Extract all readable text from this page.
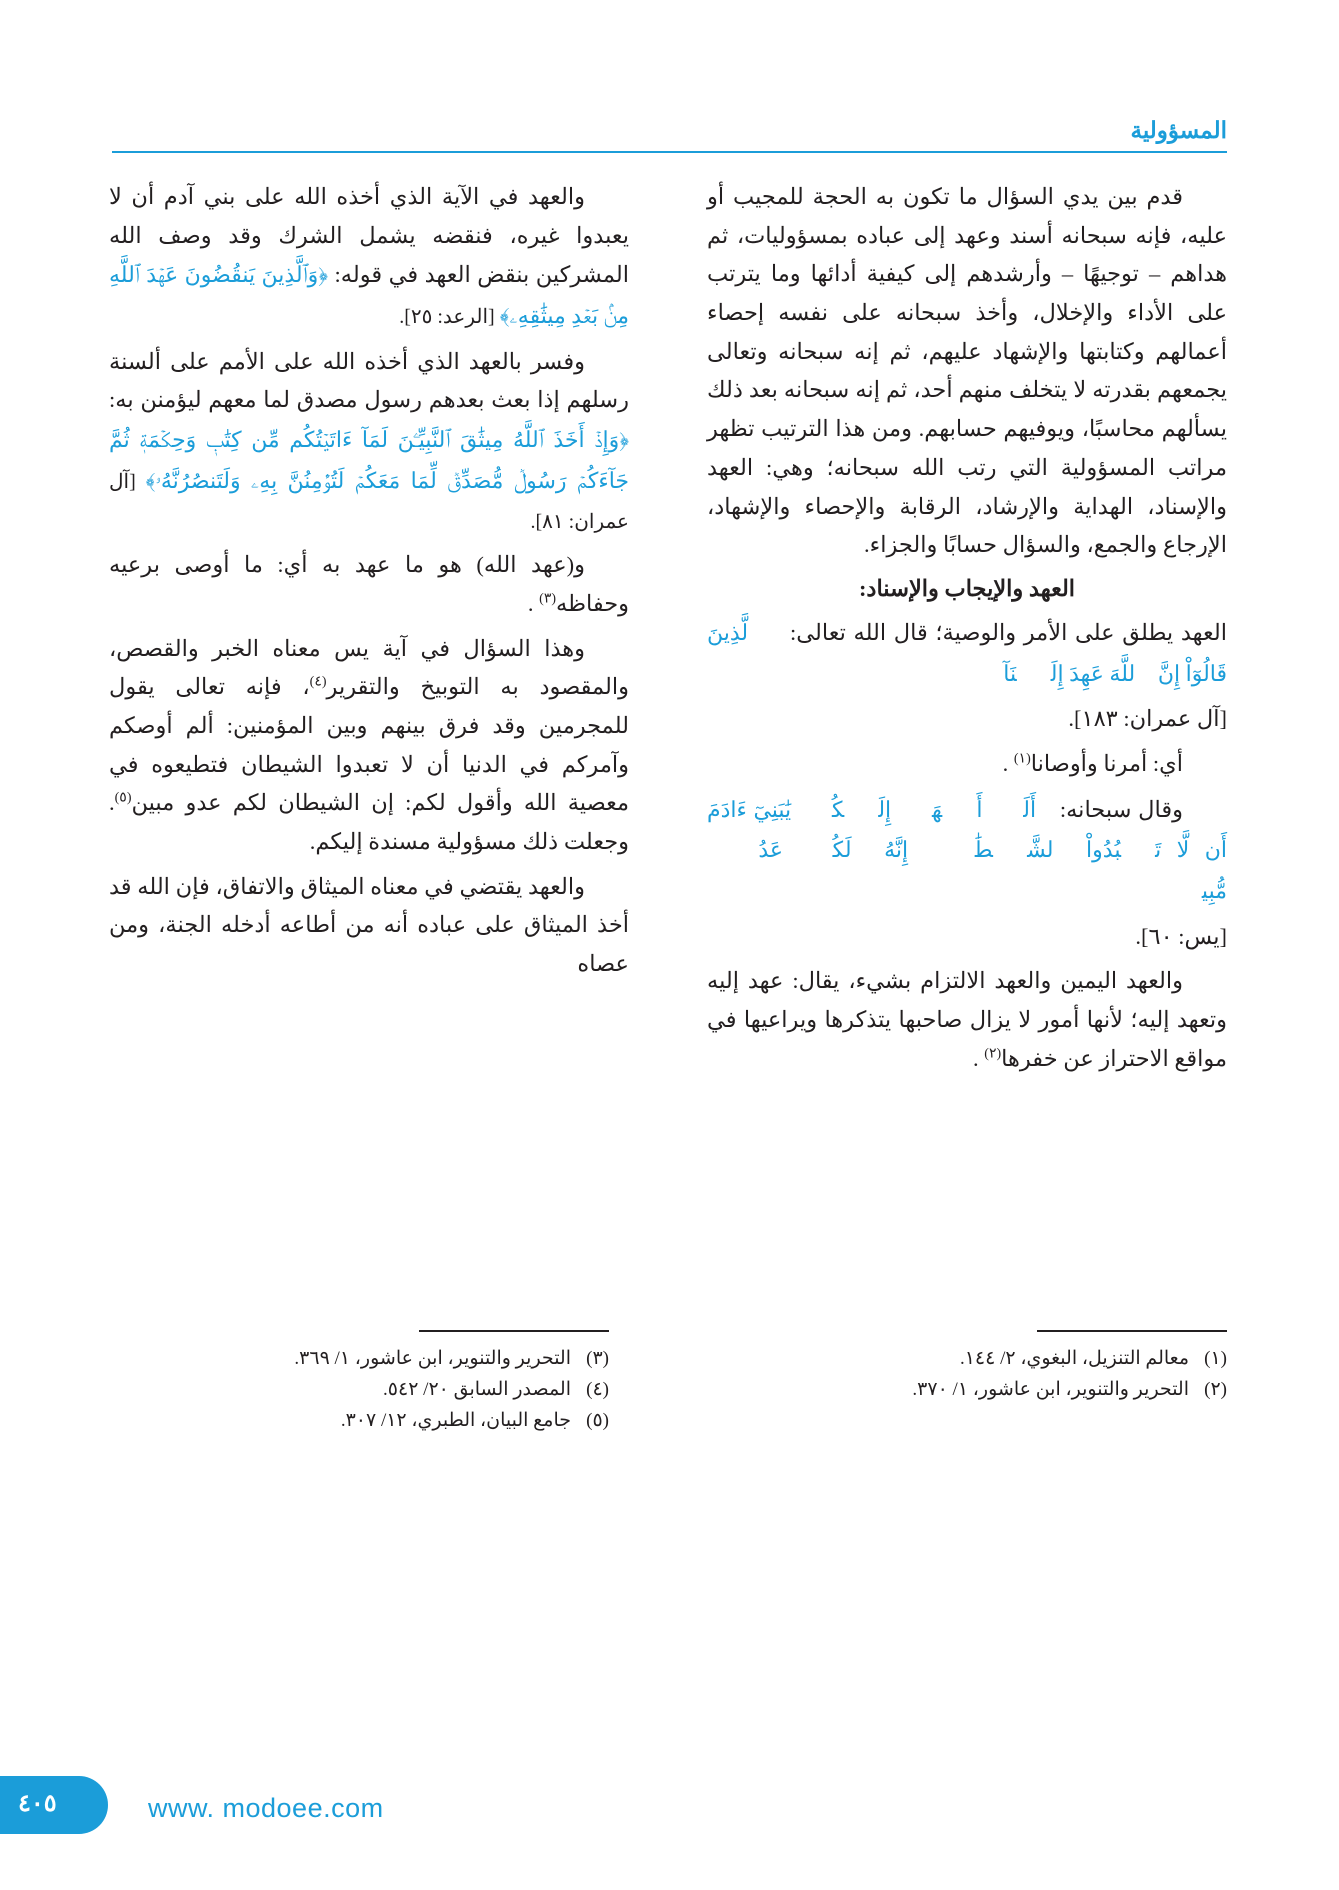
المسؤولية

قدم بين يدي السؤال ما تكون به الحجة للمجيب أو عليه، فإنه سبحانه أسند وعهد إلى عباده بمسؤوليات، ثم هداهم – توجيهًا – وأرشدهم إلى كيفية أدائها وما يترتب على الأداء والإخلال، وأخذ سبحانه على نفسه إحصاء أعمالهم وكتابتها والإشهاد عليهم، ثم إنه سبحانه وتعالى يجمعهم بقدرته لا يتخلف منهم أحد، ثم إنه سبحانه بعد ذلك يسألهم محاسبًا، ويوفيهم حسابهم. ومن هذا الترتيب تظهر مراتب المسؤولية التي رتب الله سبحانه؛ وهي: العهد والإسناد، الهداية والإرشاد، الرقابة والإحصاء والإشهاد، الإرجاع والجمع، والسؤال حسابًا والجزاء.

العهد والإيجاب والإسناد:

العهد يطلق على الأمر والوصية؛ قال الله تعالى: ﴿ٱلَّذِينَ قَالُوٓاْ إِنَّ ٱللَّهَ عَهِدَ إِلَيۡنَآ﴾

[آل عمران: ١٨٣].

أي: أمرنا وأوصانا$^{(١)}$ .

وقال سبحانه: ﴿أَلَمۡ أَعۡهَدۡ إِلَيۡكُمۡ يَٰبَنِيٓ ءَادَمَ أَن لَّا تَعۡبُدُواْ ٱلشَّيۡطَٰنَۖ إِنَّهُۥ لَكُمۡ عَدُوّٞ مُّبِينٞ﴾

[يس: ٦٠].

والعهد اليمين والعهد الالتزام بشيء، يقال: عهد إليه وتعهد إليه؛ لأنها أمور لا يزال صاحبها يتذكرها ويراعيها في مواقع الاحتراز عن خفرها$^{(٢)}$ .

والعهد في الآية الذي أخذه الله على بني آدم أن لا يعبدوا غيره، فنقضه يشمل الشرك وقد وصف الله المشركين بنقض العهد في قوله: ﴿وَٱلَّذِينَ يَنقُضُونَ عَهۡدَ ٱللَّهِ مِنۢ بَعۡدِ مِيثَٰقِهِۦ﴾ [الرعد: ٢٥].

وفسر بالعهد الذي أخذه الله على الأمم على ألسنة رسلهم إذا بعث بعدهم رسول مصدق لما معهم ليؤمنن به: ﴿وَإِذۡ أَخَذَ ٱللَّهُ مِيثَٰقَ ٱلنَّبِيِّـۧنَ لَمَآ ءَاتَيۡتُكُم مِّن كِتَٰبٖ وَحِكۡمَةٖ ثُمَّ جَآءَكُمۡ رَسُولٞ مُّصَدِّقٞ لِّمَا مَعَكُمۡ لَتُؤۡمِنُنَّ بِهِۦ وَلَتَنصُرُنَّهُۥ﴾ [آل عمران: ٨١].

و(عهد الله) هو ما عهد به أي: ما أوصى برعيه وحفاظه$^{(٣)}$ .

وهذا السؤال في آية يس معناه الخبر والقصص، والمقصود به التوبيخ والتقرير$^{(٤)}$، فإنه تعالى يقول للمجرمين وقد فرق بينهم وبين المؤمنين: ألم أوصكم وآمركم في الدنيا أن لا تعبدوا الشيطان فتطيعوه في معصية الله وأقول لكم: إن الشيطان لكم عدو مبين$^{(٥)}$. وجعلت ذلك مسؤولية مسندة إليكم.

والعهد يقتضي في معناه الميثاق والاتفاق، فإن الله قد أخذ الميثاق على عباده أنه من أطاعه أدخله الجنة، ومن عصاه

(١)معالم التنزيل، البغوي، ٢/ ١٤٤.
(٢)التحرير والتنوير، ابن عاشور، ١/ ٣٧٠.
(٣)التحرير والتنوير، ابن عاشور، ١/ ٣٦٩.
(٤)المصدر السابق ٢٠/ ٥٤٢.
(٥)جامع البيان، الطبري، ١٢/ ٣٠٧.
٤٠٥	www. modoee.com
